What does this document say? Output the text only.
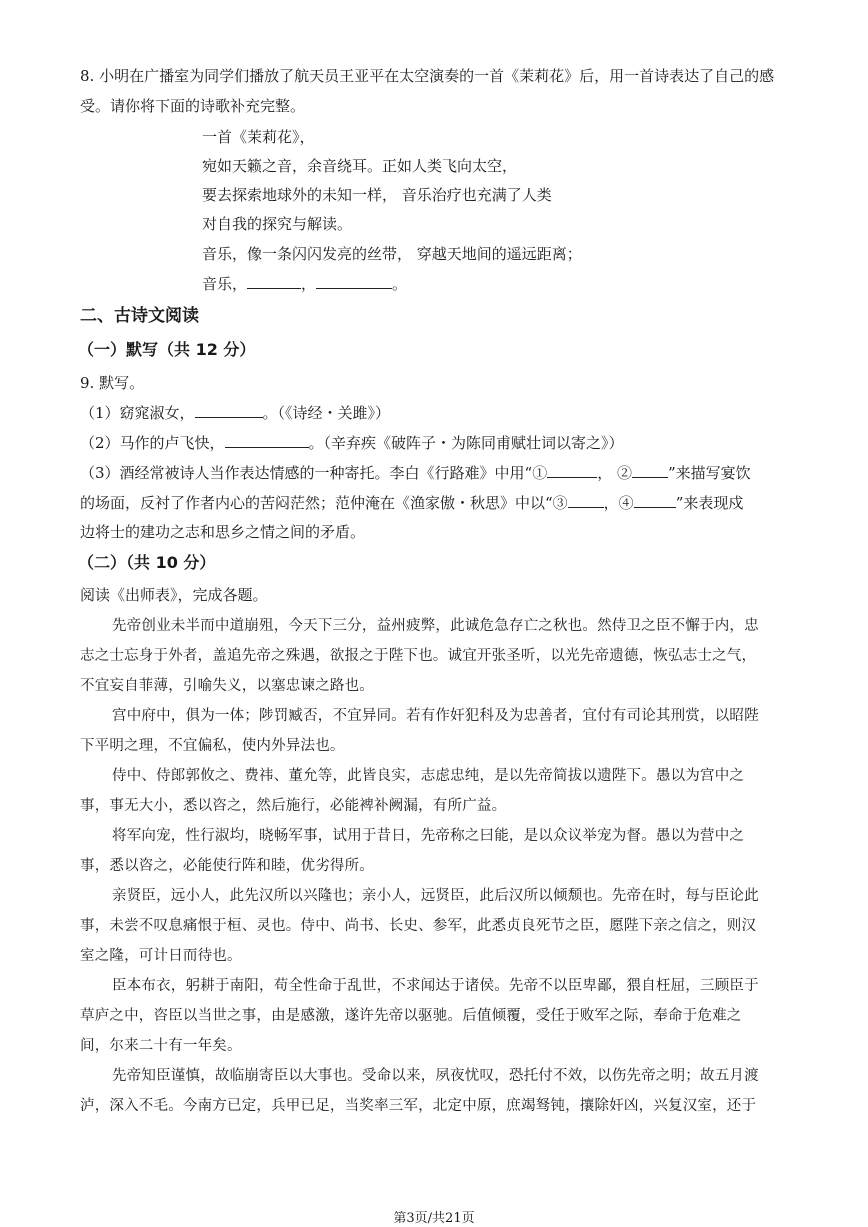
8. 小明在广播室为同学们播放了航天员王亚平在太空演奏的一首《茉莉花》后，用一首诗表达了自己的感
受。请你将下面的诗歌补充完整。
一首《茉莉花》，
宛如天籁之音，余音绕耳。正如人类飞向太空，
要去探索地球外的未知一样， 音乐治疗也充满了人类
对自我的探究与解读。
音乐，像一条闪闪发亮的丝带， 穿越天地间的遥远距离；
音乐，	，	。
二、古诗文阅读
（一）默写（共 12 分）
9. 默写。
（1）窈窕淑女，	。（《诗经・关雎》）
（2）马作的卢飞快，	。（辛弃疾《破阵子・为陈同甫赋壮词以寄之》）
（3）酒经常被诗人当作表达情感的一种寄托。李白《行路难》中用“①	， ② ”来描写宴饮
的场面，反衬了作者内心的苦闷茫然；范仲淹在《渔家傲・秋思》中以“③ ，④	”来表现戍
边将士的建功之志和思乡之情之间的矛盾。
（二）（共 10 分）
阅读《出师表》，完成各题。
先帝创业未半而中道崩殂，今天下三分，益州疲弊，此诚危急存亡之秋也。然侍卫之臣不懈于内，忠
志之士忘身于外者，盖追先帝之殊遇，欲报之于陛下也。诚宜开张圣听，以光先帝遗德，恢弘志士之气，
不宜妄自菲薄，引喻失义，以塞忠谏之路也。
宫中府中，俱为一体；陟罚臧否，不宜异同。若有作奸犯科及为忠善者，宜付有司论其刑赏，以昭陛
下平明之理，不宜偏私，使内外异法也。
侍中、侍郎郭攸之、费祎、董允等，此皆良实，志虑忠纯，是以先帝简拔以遗陛下。愚以为宫中之
事，事无大小，悉以咨之，然后施行，必能裨补阙漏，有所广益。
将军向宠，性行淑均，晓畅军事，试用于昔日，先帝称之曰能，是以众议举宠为督。愚以为营中之
事，悉以咨之，必能使行阵和睦，优劣得所。
亲贤臣，远小人，此先汉所以兴隆也；亲小人，远贤臣，此后汉所以倾颓也。先帝在时，每与臣论此
事，未尝不叹息痛恨于桓、灵也。侍中、尚书、长史、参军，此悉贞良死节之臣，愿陛下亲之信之，则汉
室之隆，可计日而待也。
臣本布衣，躬耕于南阳，苟全性命于乱世，不求闻达于诸侯。先帝不以臣卑鄙，猥自枉屈，三顾臣于
草庐之中，咨臣以当世之事，由是感激，遂许先帝以驱驰。后值倾覆，受任于败军之际，奉命于危难之
间，尔来二十有一年矣。
先帝知臣谨慎，故临崩寄臣以大事也。受命以来，夙夜忧叹，恐托付不效，以伤先帝之明；故五月渡
泸，深入不毛。今南方已定，兵甲已足，当奖率三军，北定中原，庶竭驽钝，攘除奸凶，兴复汉室，还于
第3页/共21页
